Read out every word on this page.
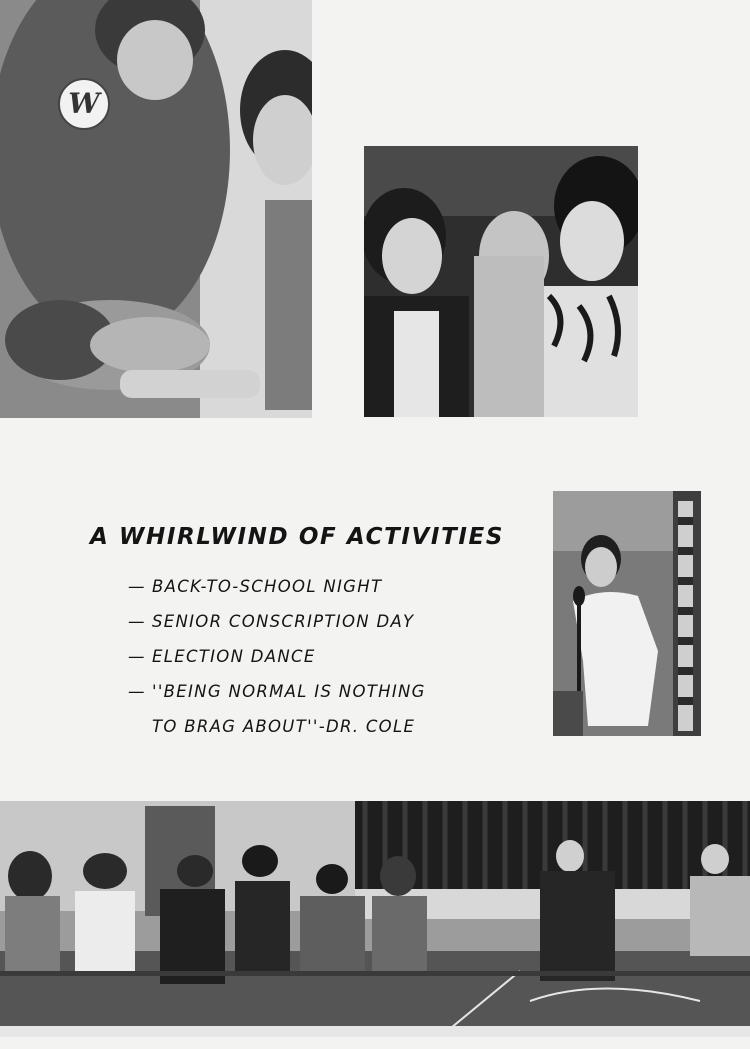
W
A WHIRLWIND OF ACTIVITIES
— BACK-TO-SCHOOL NIGHT
— SENIOR CONSCRIPTION DAY
— ELECTION DANCE
— ''BEING NORMAL IS NOTHING
TO BRAG ABOUT''-DR. COLE
